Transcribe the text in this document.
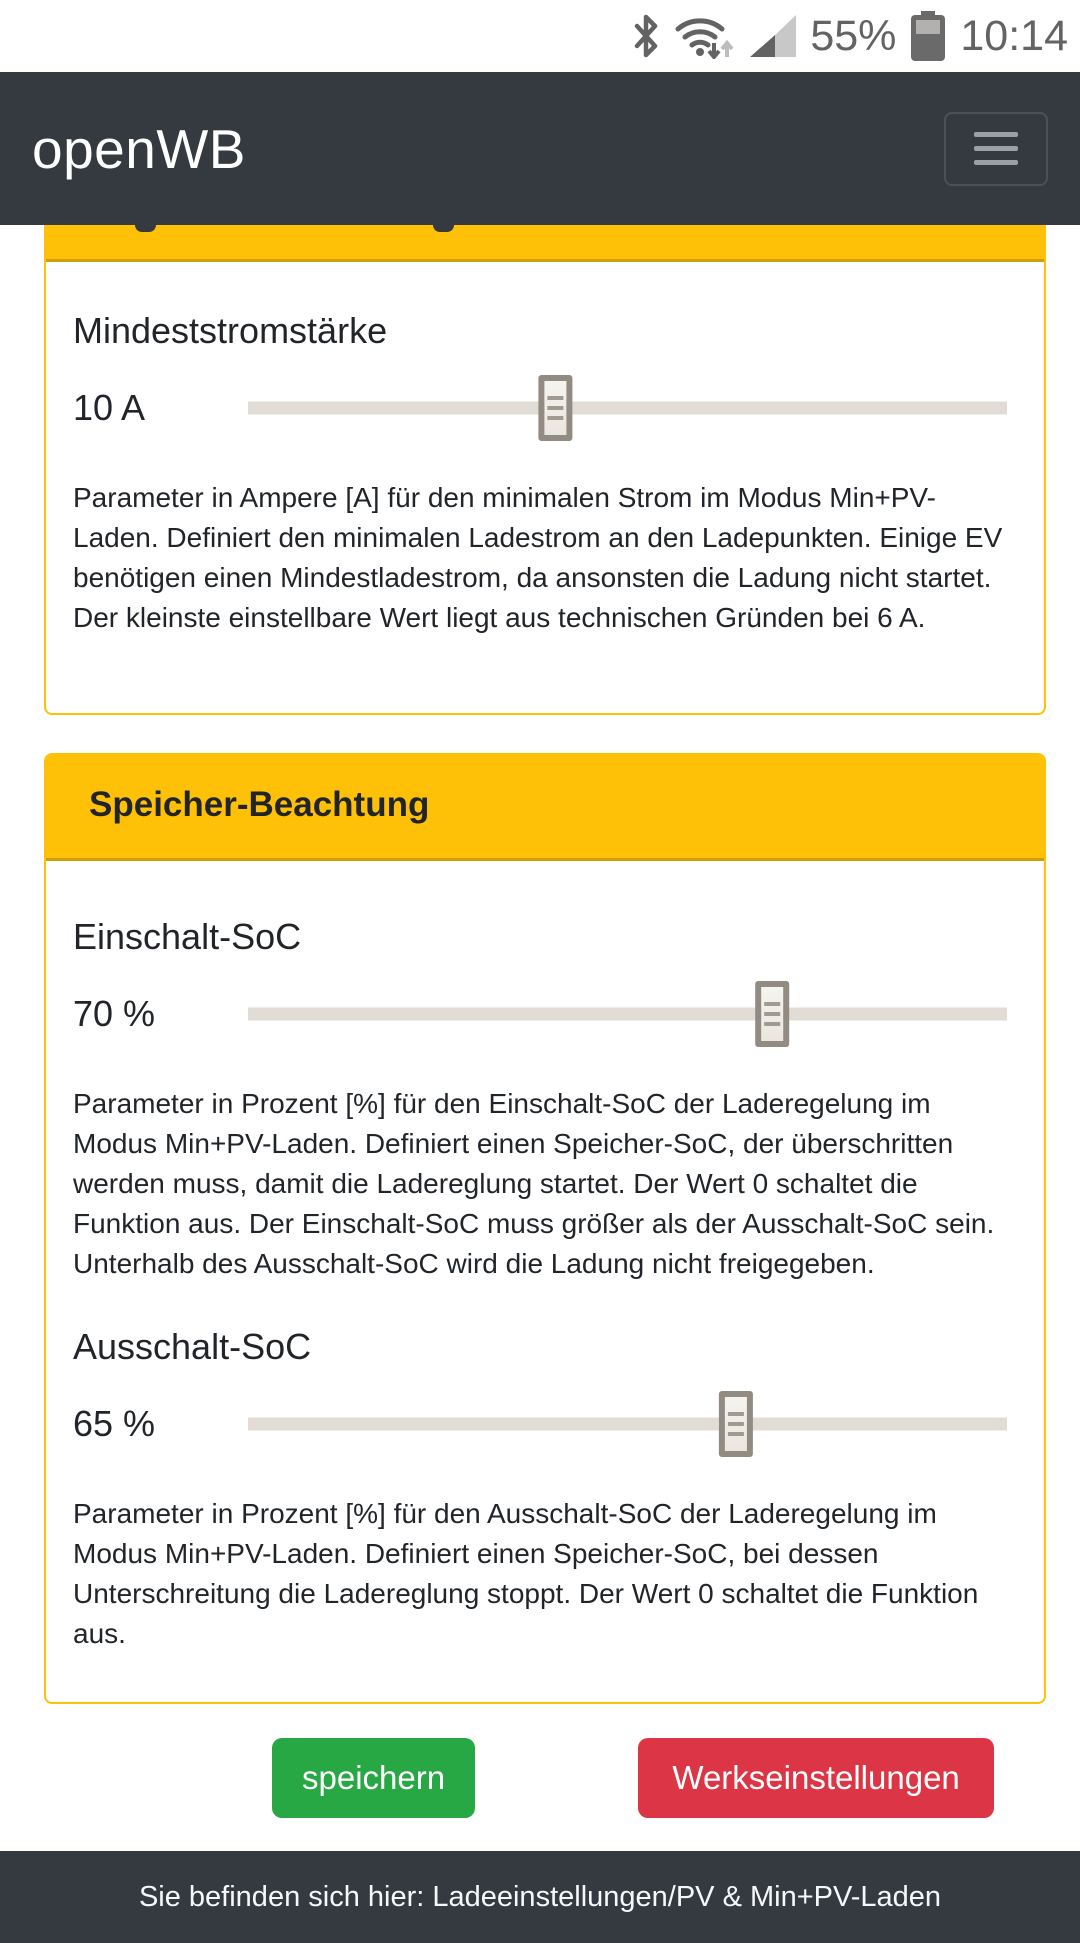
55% 10:14
openWB
Mindeststromstärke
10 A
Parameter in Ampere [A] für den minimalen Strom im Modus Min+PV-Laden. Definiert den minimalen Ladestrom an den Ladepunkten. Einige EV benötigen einen Mindestladestrom, da ansonsten die Ladung nicht startet. Der kleinste einstellbare Wert liegt aus technischen Gründen bei 6 A.
Speicher-Beachtung
Einschalt-SoC
70 %
Parameter in Prozent [%] für den Einschalt-SoC der Laderegelung im Modus Min+PV-Laden. Definiert einen Speicher-SoC, der überschritten werden muss, damit die Ladereglung startet. Der Wert 0 schaltet die Funktion aus. Der Einschalt-SoC muss größer als der Ausschalt-SoC sein. Unterhalb des Ausschalt-SoC wird die Ladung nicht freigegeben.
Ausschalt-SoC
65 %
Parameter in Prozent [%] für den Ausschalt-SoC der Laderegelung im Modus Min+PV-Laden. Definiert einen Speicher-SoC, bei dessen Unterschreitung die Ladereglung stoppt. Der Wert 0 schaltet die Funktion aus.
speichern	Werkseinstellungen
Sie befinden sich hier: Ladeeinstellungen/PV & Min+PV-Laden
